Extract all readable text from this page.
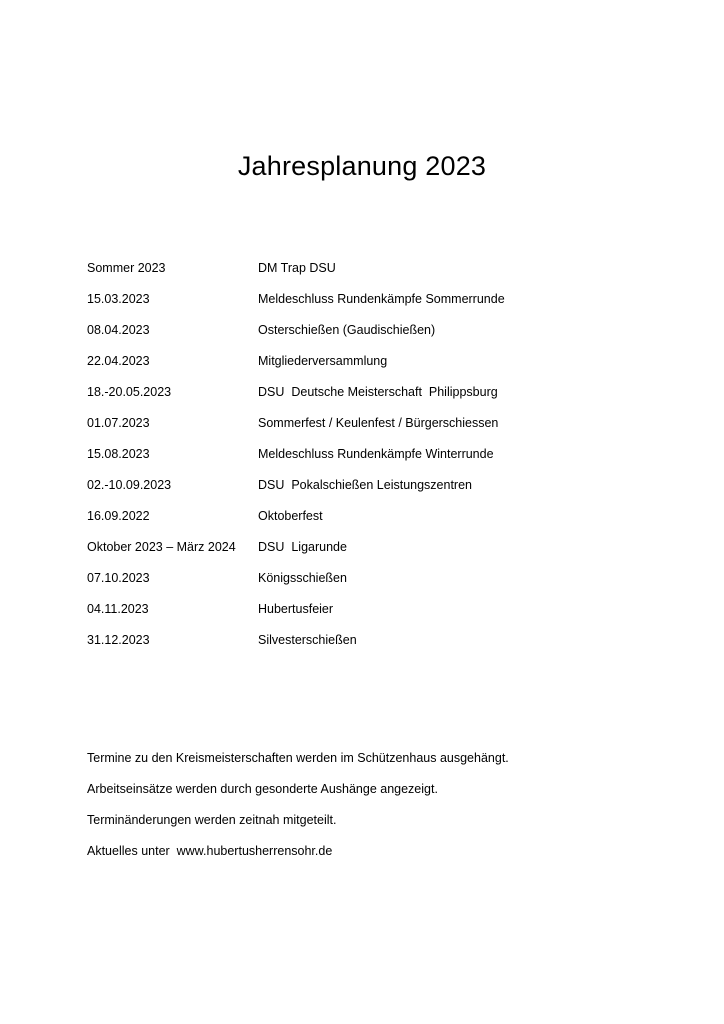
Jahresplanung 2023
Sommer 2023	DM Trap DSU
15.03.2023	Meldeschluss Rundenkämpfe Sommerrunde
08.04.2023	Osterschießen (Gaudischießen)
22.04.2023	Mitgliederversammlung
18.-20.05.2023	DSU  Deutsche Meisterschaft  Philippsburg
01.07.2023	Sommerfest / Keulenfest / Bürgerschiessen
15.08.2023	Meldeschluss Rundenkämpfe Winterrunde
02.-10.09.2023	DSU  Pokalschießen Leistungszentren
16.09.2022	Oktoberfest
Oktober 2023 – März 2024	DSU  Ligarunde
07.10.2023	Königsschießen
04.11.2023	Hubertusfeier
31.12.2023	Silvesterschießen
Termine zu den Kreismeisterschaften werden im Schützenhaus ausgehängt.
Arbeitseinsätze werden durch gesonderte Aushänge angezeigt.
Terminänderungen werden zeitnah mitgeteilt.
Aktuelles unter  www.hubertusherrensohr.de
